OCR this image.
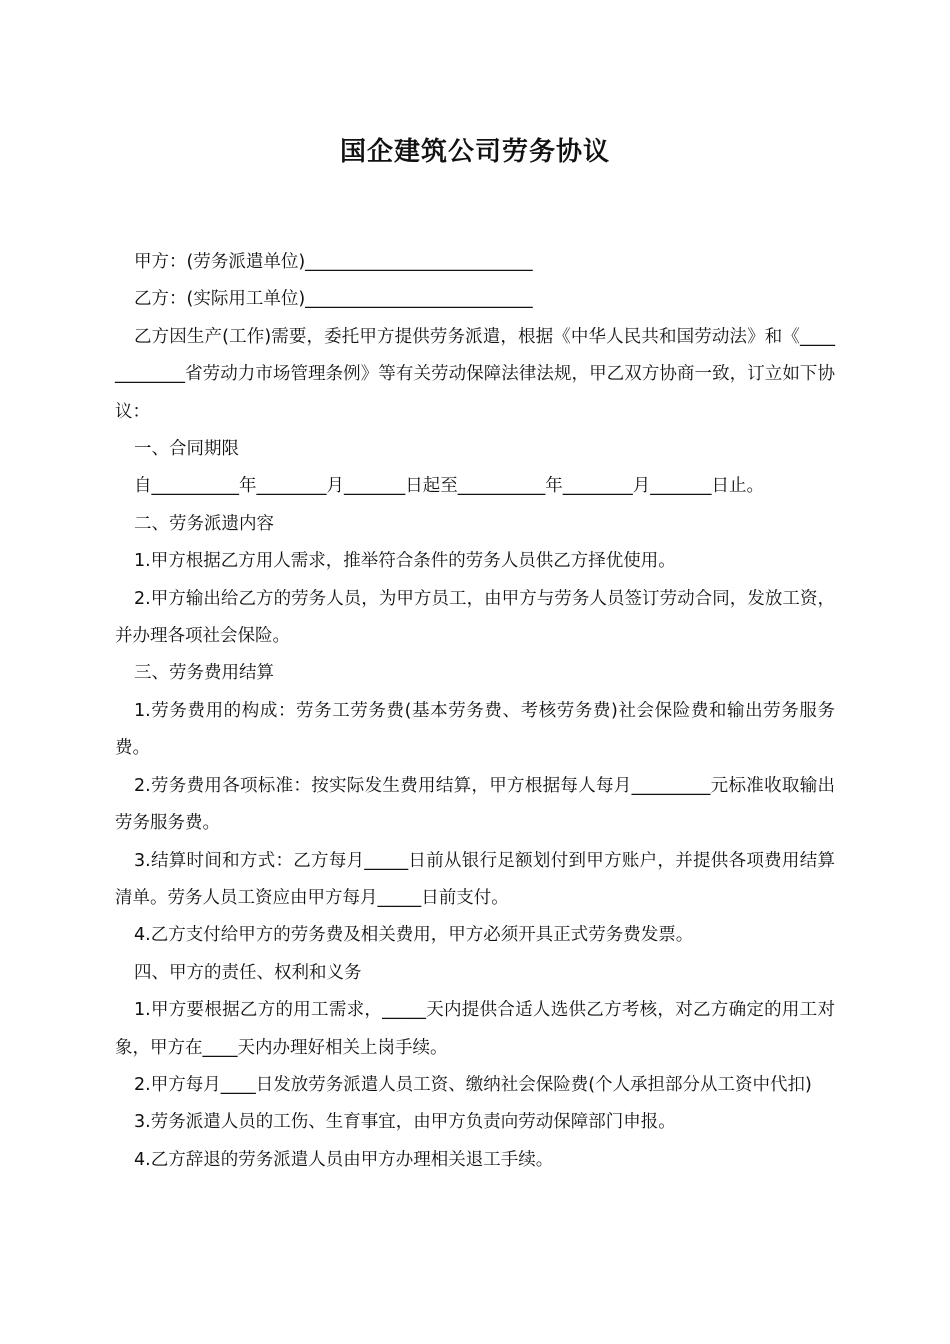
国企建筑公司劳务协议

甲方：(劳务派遣单位)__________________________

乙方：(实际用工单位)__________________________

乙方因生产(工作)需要，委托甲方提供劳务派遣，根据《中华人民共和国劳动法》和《____________省劳动力市场管理条例》等有关劳动保障法律法规，甲乙双方协商一致，订立如下协议：

一、合同期限

自__________年________月_______日起至__________年________月_______日止。

二、劳务派遗内容

1.甲方根据乙方用人需求，推举符合条件的劳务人员供乙方择优使用。

2.甲方输出给乙方的劳务人员，为甲方员工，由甲方与劳务人员签订劳动合同，发放工资，并办理各项社会保险。

三、劳务费用结算

1.劳务费用的构成：劳务工劳务费(基本劳务费、考核劳务费)社会保险费和输出劳务服务费。

2.劳务费用各项标准：按实际发生费用结算，甲方根据每人每月_________元标准收取输出劳务服务费。

3.结算时间和方式：乙方每月_____日前从银行足额划付到甲方账户，并提供各项费用结算清单。劳务人员工资应由甲方每月_____日前支付。

4.乙方支付给甲方的劳务费及相关费用，甲方必须开具正式劳务费发票。

四、甲方的责任、权利和义务

1.甲方要根据乙方的用工需求，_____天内提供合适人选供乙方考核，对乙方确定的用工对象，甲方在____天内办理好相关上岗手续。

2.甲方每月____日发放劳务派遣人员工资、缴纳社会保险费(个人承担部分从工资中代扣)

3.劳务派遣人员的工伤、生育事宜，由甲方负责向劳动保障部门申报。

4.乙方辞退的劳务派遣人员由甲方办理相关退工手续。
